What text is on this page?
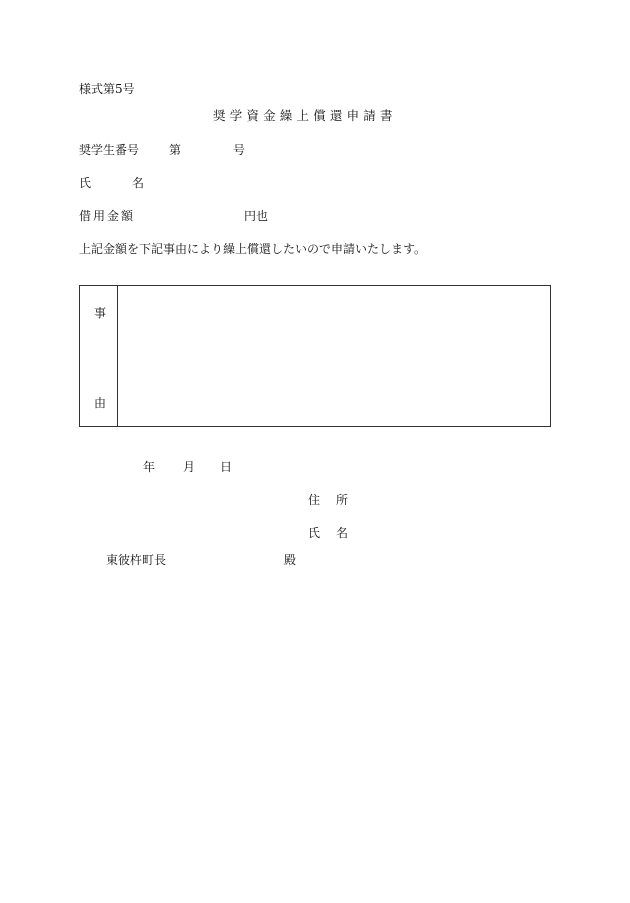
様式第5号
奨学資金繰上償還申請書
奨学生番号 第	号
氏	名
借用金額	円也
上記金額を下記事由により繰上償還したいので申請いたします。
事
由
年 月 日
住 所
氏 名
東彼杵町長	殿
